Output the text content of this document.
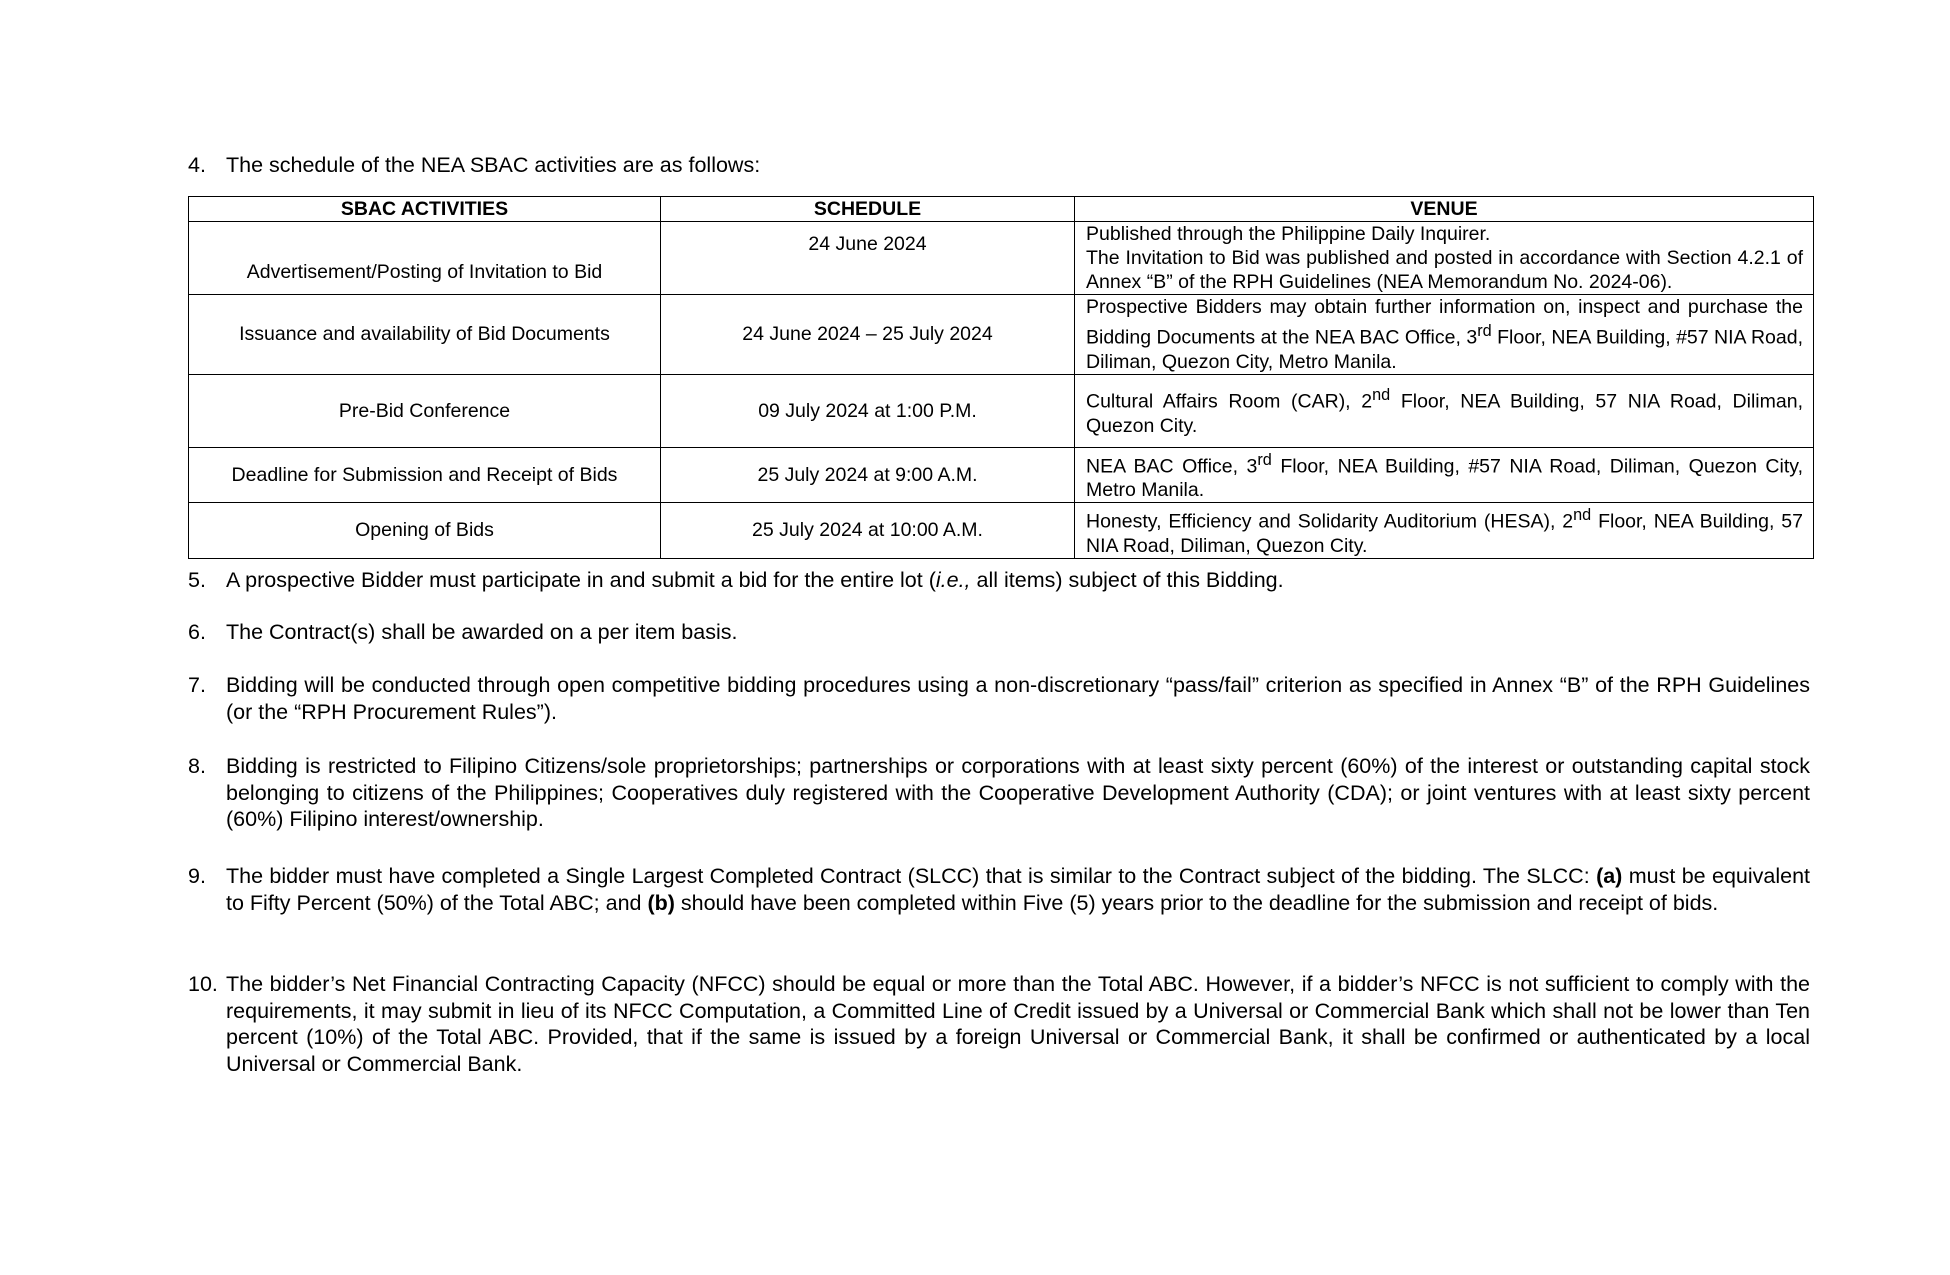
4. The schedule of the NEA SBAC activities are as follows:
SBAC ACTIVITIES	SCHEDULE	VENUE
Advertisement/Posting of Invitation to Bid	24 June 2024	Published through the Philippine Daily Inquirer.
The Invitation to Bid was published and posted in accordance with Section 4.2.1 of Annex “B” of the RPH Guidelines (NEA Memorandum No. 2024-06).

Issuance and availability of Bid Documents	24 June 2024 – 25 July 2024	Prospective Bidders may obtain further information on, inspect and purchase the Bidding Documents at the NEA BAC Office, 3rd Floor, NEA Building, #57 NIA Road, Diliman, Quezon City, Metro Manila.
Pre-Bid Conference	09 July 2024 at 1:00 P.M.	Cultural Affairs Room (CAR), 2nd Floor, NEA Building, 57 NIA Road, Diliman, Quezon City.
Deadline for Submission and Receipt of Bids	25 July 2024 at 9:00 A.M.	NEA BAC Office, 3rd Floor, NEA Building, #57 NIA Road, Diliman, Quezon City, Metro Manila.
Opening of Bids	25 July 2024 at 10:00 A.M.	Honesty, Efficiency and Solidarity Auditorium (HESA), 2nd Floor, NEA Building, 57 NIA Road, Diliman, Quezon City.
5. A prospective Bidder must participate in and submit a bid for the entire lot (i.e., all items) subject of this Bidding.
6. The Contract(s) shall be awarded on a per item basis.
7. Bidding will be conducted through open competitive bidding procedures using a non-discretionary “pass/fail” criterion as specified in Annex “B” of the RPH Guidelines (or the “RPH Procurement Rules”).
8. Bidding is restricted to Filipino Citizens/sole proprietorships; partnerships or corporations with at least sixty percent (60%) of the interest or outstanding capital stock belonging to citizens of the Philippines; Cooperatives duly registered with the Cooperative Development Authority (CDA); or joint ventures with at least sixty percent (60%) Filipino interest/ownership.
9. The bidder must have completed a Single Largest Completed Contract (SLCC) that is similar to the Contract subject of the bidding. The SLCC: (a) must be equivalent to Fifty Percent (50%) of the Total ABC; and (b) should have been completed within Five (5) years prior to the deadline for the submission and receipt of bids.
10. The bidder’s Net Financial Contracting Capacity (NFCC) should be equal or more than the Total ABC. However, if a bidder’s NFCC is not sufficient to comply with the requirements, it may submit in lieu of its NFCC Computation, a Committed Line of Credit issued by a Universal or Commercial Bank which shall not be lower than Ten percent (10%) of the Total ABC. Provided, that if the same is issued by a foreign Universal or Commercial Bank, it shall be confirmed or authenticated by a local Universal or Commercial Bank.
